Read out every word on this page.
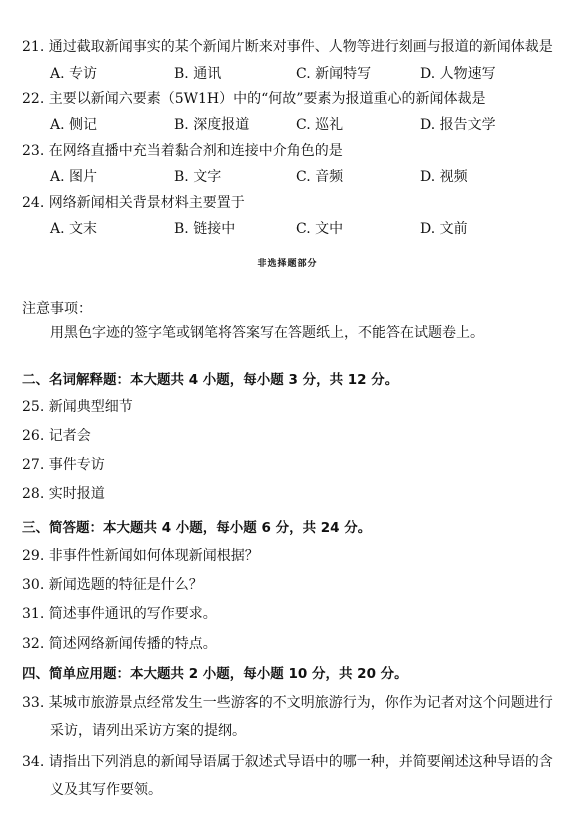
21. 通过截取新闻事实的某个新闻片断来对事件、人物等进行刻画与报道的新闻体裁是
A. 专访	B. 通讯	C. 新闻特写	D. 人物速写
22. 主要以新闻六要素（5W1H）中的“何故”要素为报道重心的新闻体裁是
A. 侧记	B. 深度报道	C. 巡礼	D. 报告文学
23. 在网络直播中充当着黏合剂和连接中介角色的是
A. 图片	B. 文字	C. 音频	D. 视频
24. 网络新闻相关背景材料主要置于
A. 文末	B. 链接中	C. 文中	D. 文前
非选择题部分
注意事项：
用黑色字迹的签字笔或钢笔将答案写在答题纸上，不能答在试题卷上。
二、名词解释题：本大题共 4 小题，每小题 3 分，共 12 分。
25. 新闻典型细节
26. 记者会
27. 事件专访
28. 实时报道
三、简答题：本大题共 4 小题，每小题 6 分，共 24 分。
29. 非事件性新闻如何体现新闻根据？
30. 新闻选题的特征是什么？
31. 简述事件通讯的写作要求。
32. 简述网络新闻传播的特点。
四、简单应用题：本大题共 2 小题，每小题 10 分，共 20 分。
33. 某城市旅游景点经常发生一些游客的不文明旅游行为，你作为记者对这个问题进行
采访，请列出采访方案的提纲。
34. 请指出下列消息的新闻导语属于叙述式导语中的哪一种，并简要阐述这种导语的含
义及其写作要领。
